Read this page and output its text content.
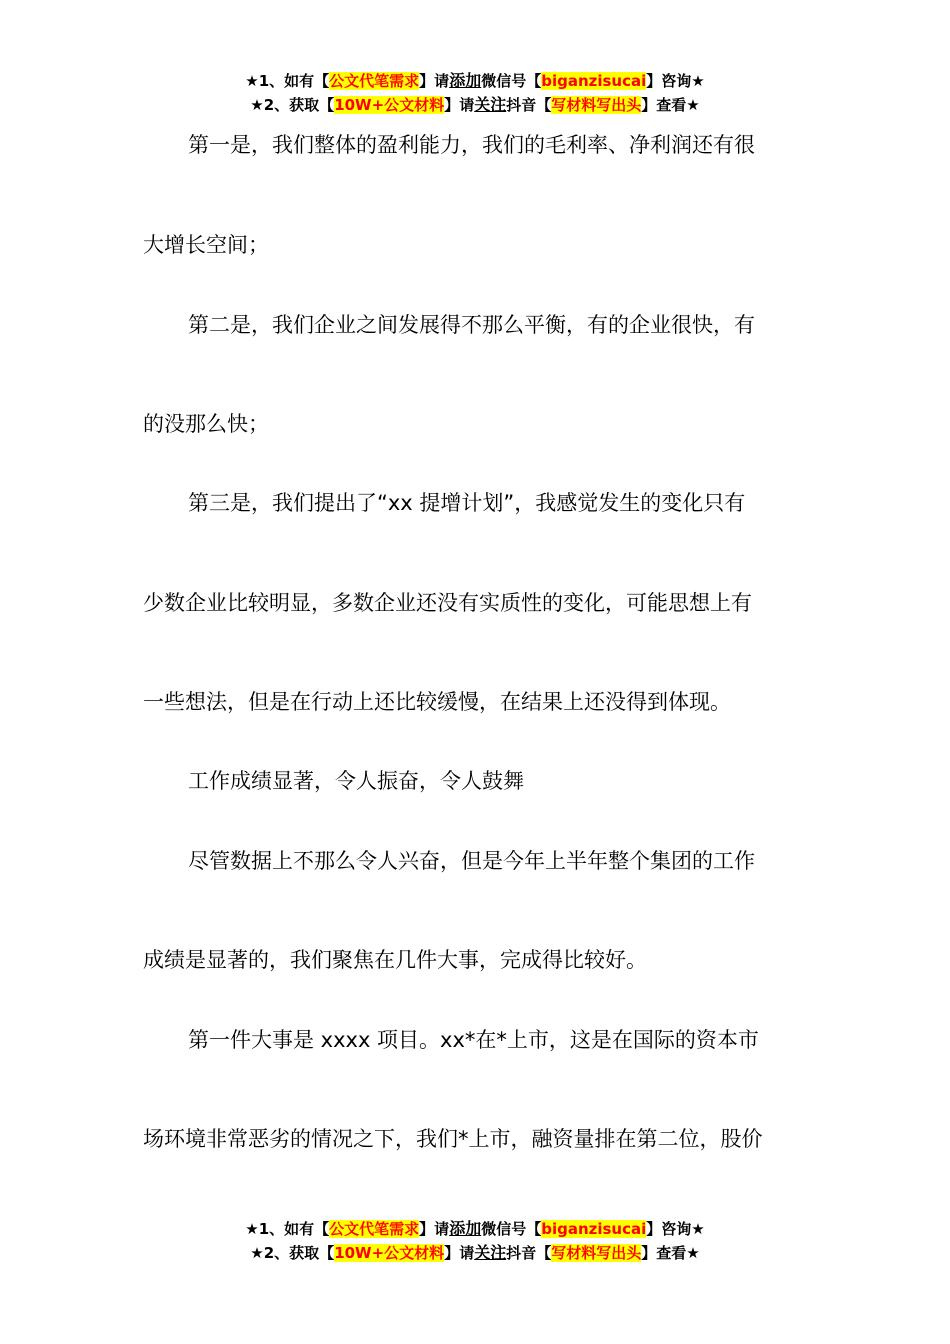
★1、如有【公文代笔需求】请添加微信号【biganzisucai】咨询★
★2、获取【10W+公文材料】请关注抖音【写材料写出头】查看★
第一是，我们整体的盈利能力，我们的毛利率、净利润还有很
大增长空间；
第二是，我们企业之间发展得不那么平衡，有的企业很快，有
的没那么快；
第三是，我们提出了“xx 提增计划”，我感觉发生的变化只有
少数企业比较明显，多数企业还没有实质性的变化，可能思想上有
一些想法，但是在行动上还比较缓慢，在结果上还没得到体现。
工作成绩显著，令人振奋，令人鼓舞
尽管数据上不那么令人兴奋，但是今年上半年整个集团的工作
成绩是显著的，我们聚焦在几件大事，完成得比较好。
第一件大事是 xxxx 项目。xx*在*上市，这是在国际的资本市
场环境非常恶劣的情况之下，我们*上市，融资量排在第二位，股价
★1、如有【公文代笔需求】请添加微信号【biganzisucai】咨询★
★2、获取【10W+公文材料】请关注抖音【写材料写出头】查看★
